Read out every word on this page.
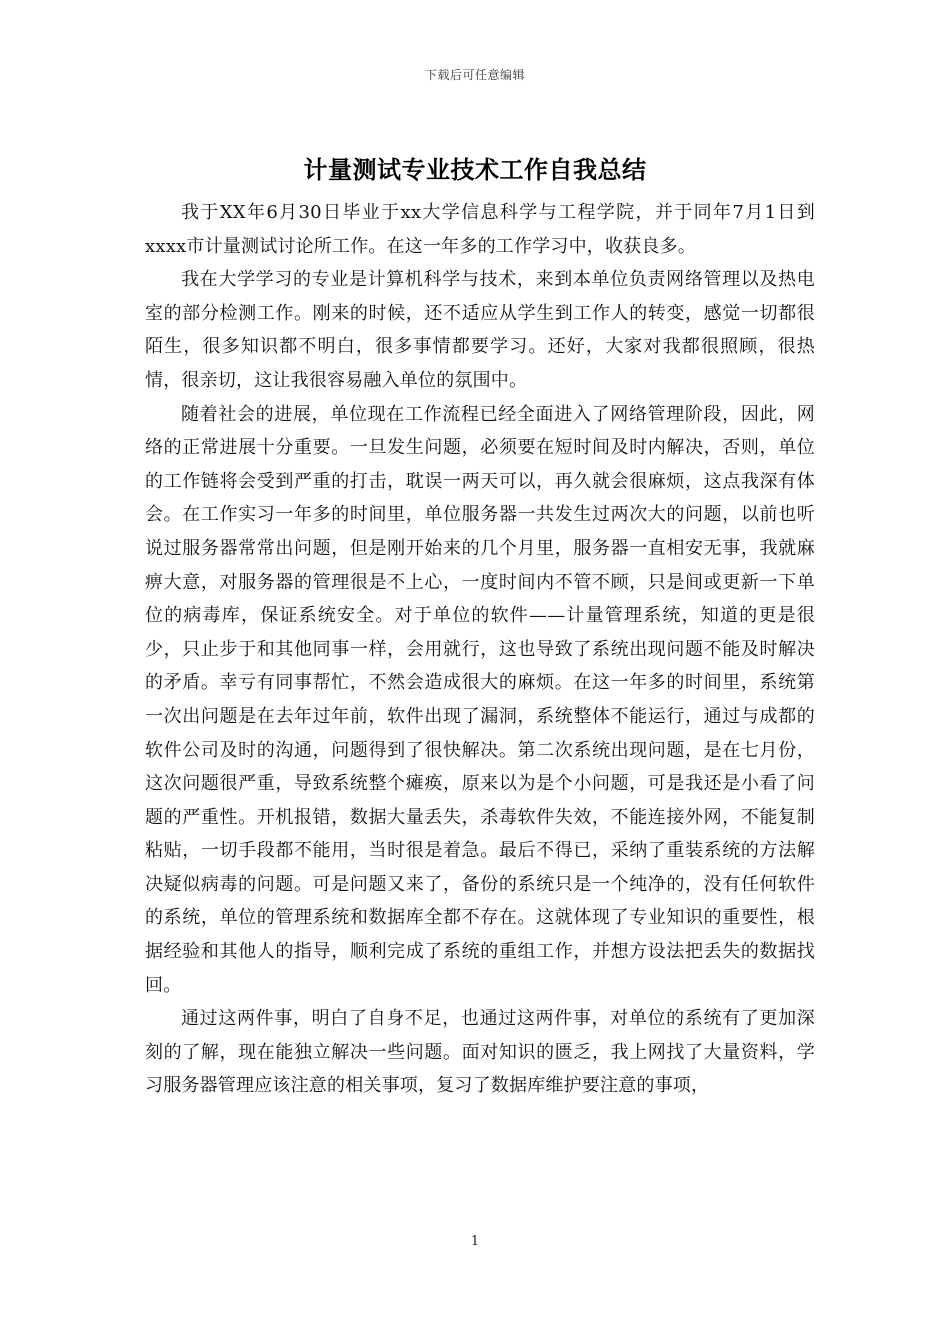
下载后可任意编辑
计量测试专业技术工作自我总结

我于XX年6月30日毕业于xx大学信息科学与工程学院，并于同年7月1日到xxxx市计量测试讨论所工作。在这一年多的工作学习中，收获良多。

我在大学学习的专业是计算机科学与技术，来到本单位负责网络管理以及热电室的部分检测工作。刚来的时候，还不适应从学生到工作人的转变，感觉一切都很陌生，很多知识都不明白，很多事情都要学习。还好，大家对我都很照顾，很热情，很亲切，这让我很容易融入单位的氛围中。

随着社会的进展，单位现在工作流程已经全面进入了网络管理阶段，因此，网络的正常进展十分重要。一旦发生问题，必须要在短时间及时内解决，否则，单位的工作链将会受到严重的打击，耽误一两天可以，再久就会很麻烦，这点我深有体会。在工作实习一年多的时间里，单位服务器一共发生过两次大的问题，以前也听说过服务器常常出问题，但是刚开始来的几个月里，服务器一直相安无事，我就麻痹大意，对服务器的管理很是不上心，一度时间内不管不顾，只是间或更新一下单位的病毒库，保证系统安全。对于单位的软件——计量管理系统，知道的更是很少，只止步于和其他同事一样，会用就行，这也导致了系统出现问题不能及时解决的矛盾。幸亏有同事帮忙，不然会造成很大的麻烦。在这一年多的时间里，系统第一次出问题是在去年过年前，软件出现了漏洞，系统整体不能运行，通过与成都的软件公司及时的沟通，问题得到了很快解决。第二次系统出现问题，是在七月份，这次问题很严重，导致系统整个瘫痪，原来以为是个小问题，可是我还是小看了问题的严重性。开机报错，数据大量丢失，杀毒软件失效，不能连接外网，不能复制粘贴，一切手段都不能用，当时很是着急。最后不得已，采纳了重装系统的方法解决疑似病毒的问题。可是问题又来了，备份的系统只是一个纯净的，没有任何软件的系统，单位的管理系统和数据库全都不存在。这就体现了专业知识的重要性，根据经验和其他人的指导，顺利完成了系统的重组工作，并想方设法把丢失的数据找回。

通过这两件事，明白了自身不足，也通过这两件事，对单位的系统有了更加深刻的了解，现在能独立解决一些问题。面对知识的匮乏，我上网找了大量资料，学习服务器管理应该注意的相关事项，复习了数据库维护要注意的事项，

1
